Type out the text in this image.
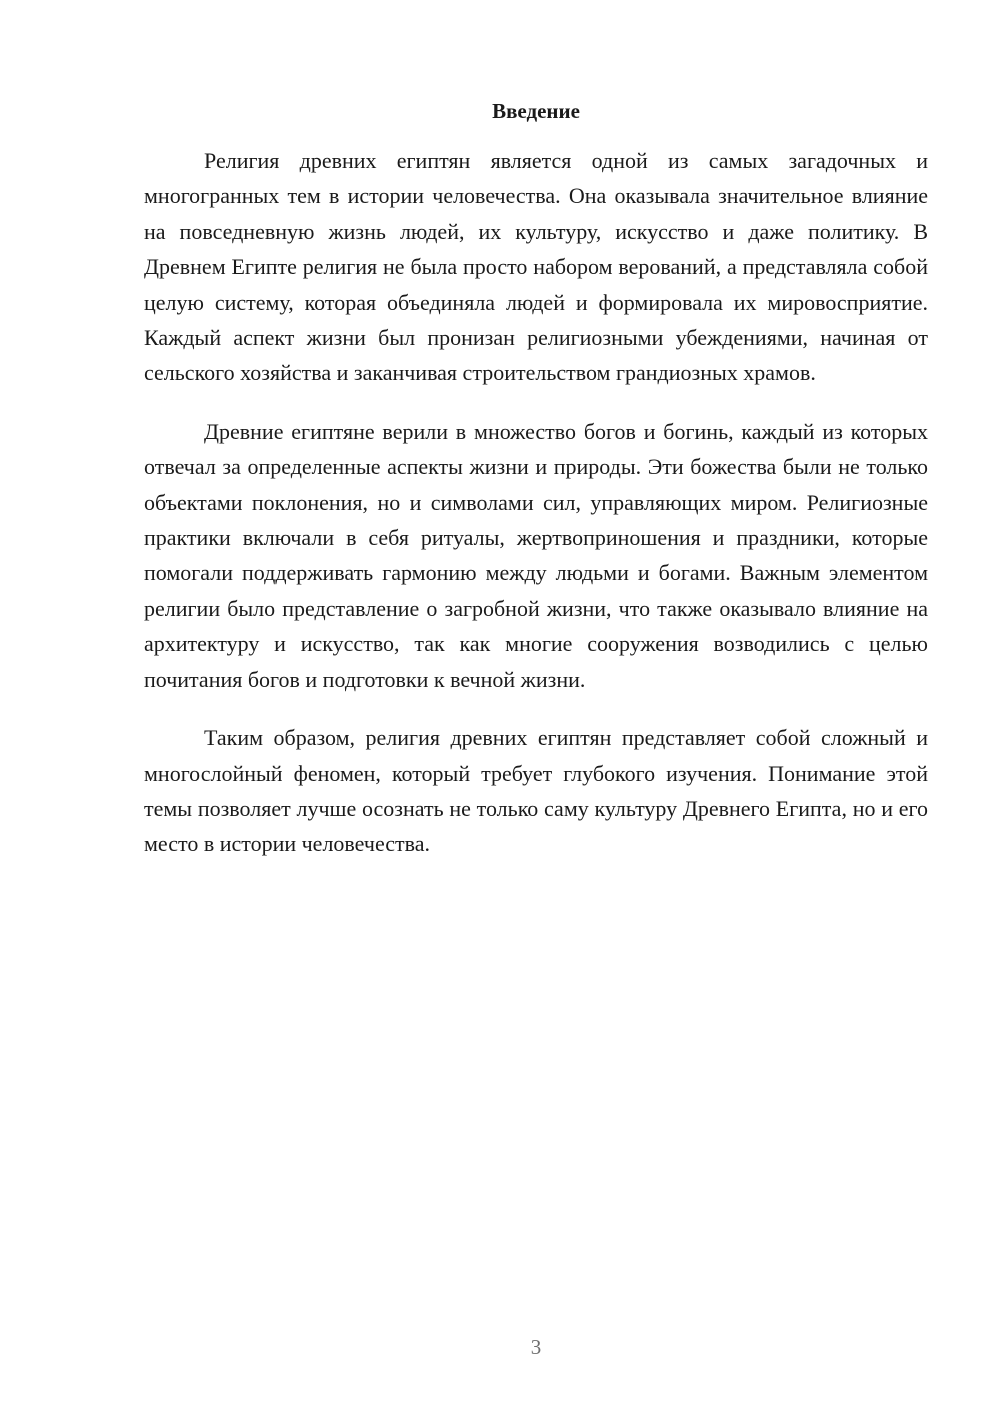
Введение

Религия древних египтян является одной из самых загадочных и многогранных тем в истории человечества. Она оказывала значительное влияние на повседневную жизнь людей, их культуру, искусство и даже политику. В Древнем Египте религия не была просто набором верований, а представляла собой целую систему, которая объединяла людей и формировала их мировосприятие. Каждый аспект жизни был пронизан религиозными убеждениями, начиная от сельского хозяйства и заканчивая строительством грандиозных храмов.

Древние египтяне верили в множество богов и богинь, каждый из которых отвечал за определенные аспекты жизни и природы. Эти божества были не только объектами поклонения, но и символами сил, управляющих миром. Религиозные практики включали в себя ритуалы, жертвоприношения и праздники, которые помогали поддерживать гармонию между людьми и богами. Важным элементом религии было представление о загробной жизни, что также оказывало влияние на архитектуру и искусство, так как многие сооружения возводились с целью почитания богов и подготовки к вечной жизни.

Таким образом, религия древних египтян представляет собой сложный и многослойный феномен, который требует глубокого изучения. Понимание этой темы позволяет лучше осознать не только саму культуру Древнего Египта, но и его место в истории человечества.

3
